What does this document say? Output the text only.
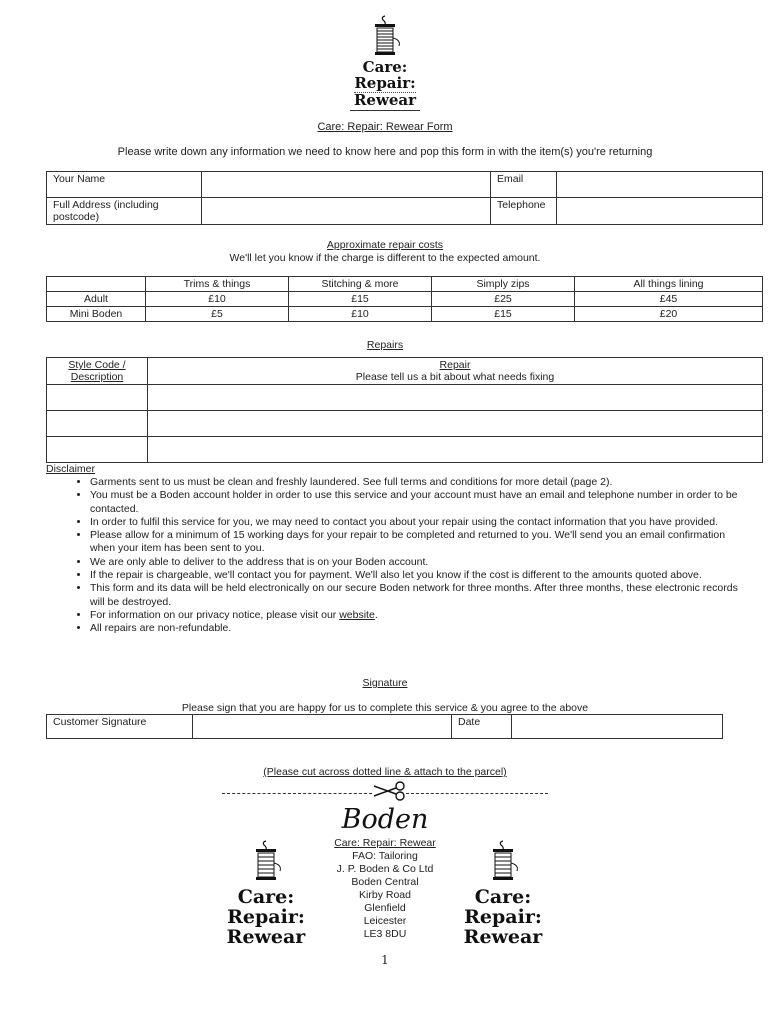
Care:
Repair:
Rewear
Care: Repair: Rewear Form
Please write down any information we need to know here and pop this form in with the item(s) you're returning
Your Name		Email	
Full Address (including postcode)		Telephone	
Approximate repair costs
We'll let you know if the charge is different to the expected amount.
	Trims & things	Stitching & more	Simply zips	All things lining
Adult	£10	£15	£25	£45
Mini Boden	£5	£10	£15	£20
Repairs
Style Code /
Description	Repair
Please tell us a bit about what needs fixing

Disclaimer
• Garments sent to us must be clean and freshly laundered. See full terms and conditions for more detail (page 2).
• You must be a Boden account holder in order to use this service and your account must have an email and telephone number in order to be contacted.
• In order to fulfil this service for you, we may need to contact you about your repair using the contact information that you have provided.
• Please allow for a minimum of 15 working days for your repair to be completed and returned to you. We'll send you an email confirmation when your item has been sent to you.
• We are only able to deliver to the address that is on your Boden account.
• If the repair is chargeable, we'll contact you for payment. We'll also let you know if the cost is different to the amounts quoted above.
• This form and its data will be held electronically on our secure Boden network for three months. After three months, these electronic records will be destroyed.
• For information on our privacy notice, please visit our website.
• All repairs are non-refundable.
Signature
Please sign that you are happy for us to complete this service & you agree to the above
Customer Signature		Date	
(Please cut across dotted line & attach to the parcel)
Boden
Care: Repair: Rewear
FAO: Tailoring
J. P. Boden & Co Ltd
Boden Central
Kirby Road
Glenfield
Leicester
LE3 8DU
Care:
Repair:
Rewear
Care:
Repair:
Rewear
1
